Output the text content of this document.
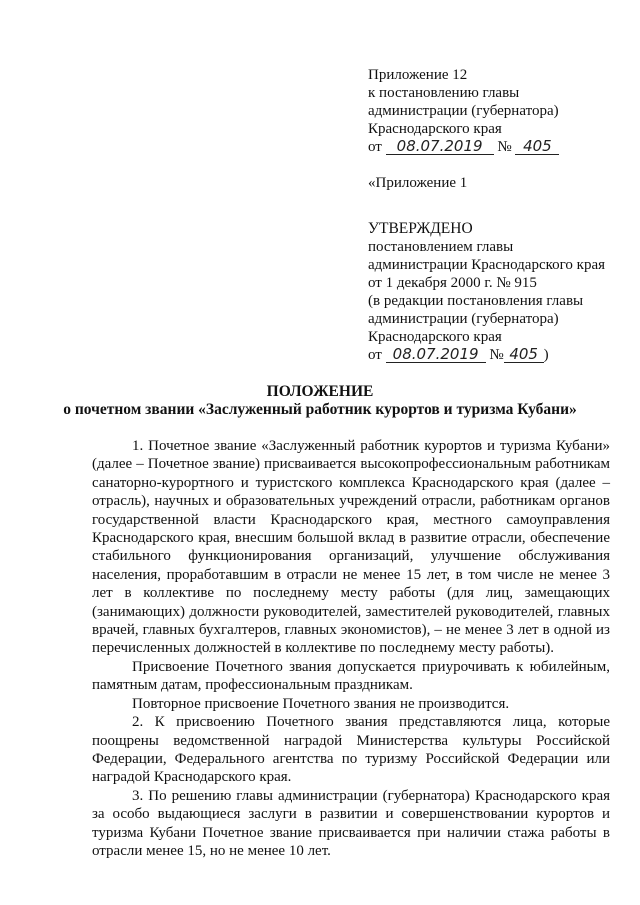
Приложение 12
к постановлению главы
администрации (губернатора)
Краснодарского края
от 08.07.2019 № 405
«Приложение 1
УТВЕРЖДЕНО
постановлением главы
администрации Краснодарского края
от 1 декабря 2000 г. № 915
(в редакции постановления главы
администрации (губернатора)
Краснодарского края
от 08.07.2019 № 405 )
ПОЛОЖЕНИЕ
о почетном звании «Заслуженный работник курортов и туризма Кубани»

1. Почетное звание «Заслуженный работник курортов и туризма Кубани» (далее – Почетное звание) присваивается высокопрофессиональным работникам санаторно-курортного и туристского комплекса Краснодарского края (далее – отрасль), научных и образовательных учреждений отрасли, работникам органов государственной власти Краснодарского края, местного самоуправления Краснодарского края, внесшим большой вклад в развитие отрасли, обеспечение стабильного функционирования организаций, улучшение обслуживания населения, проработавшим в отрасли не менее 15 лет, в том числе не менее 3 лет в коллективе по последнему месту работы (для лиц, замещающих (занимающих) должности руководителей, заместителей руководителей, главных врачей, главных бухгалтеров, главных экономистов), – не менее 3 лет в одной из перечисленных должностей в коллективе по последнему месту работы).

Присвоение Почетного звания допускается приурочивать к юбилейным, памятным датам, профессиональным праздникам.

Повторное присвоение Почетного звания не производится.

2. К присвоению Почетного звания представляются лица, которые поощрены ведомственной наградой Министерства культуры Российской Федерации, Федерального агентства по туризму Российской Федерации или наградой Краснодарского края.

3. По решению главы администрации (губернатора) Краснодарского края за особо выдающиеся заслуги в развитии и совершенствовании курортов и туризма Кубани Почетное звание присваивается при наличии стажа работы в отрасли менее 15, но не менее 10 лет.
